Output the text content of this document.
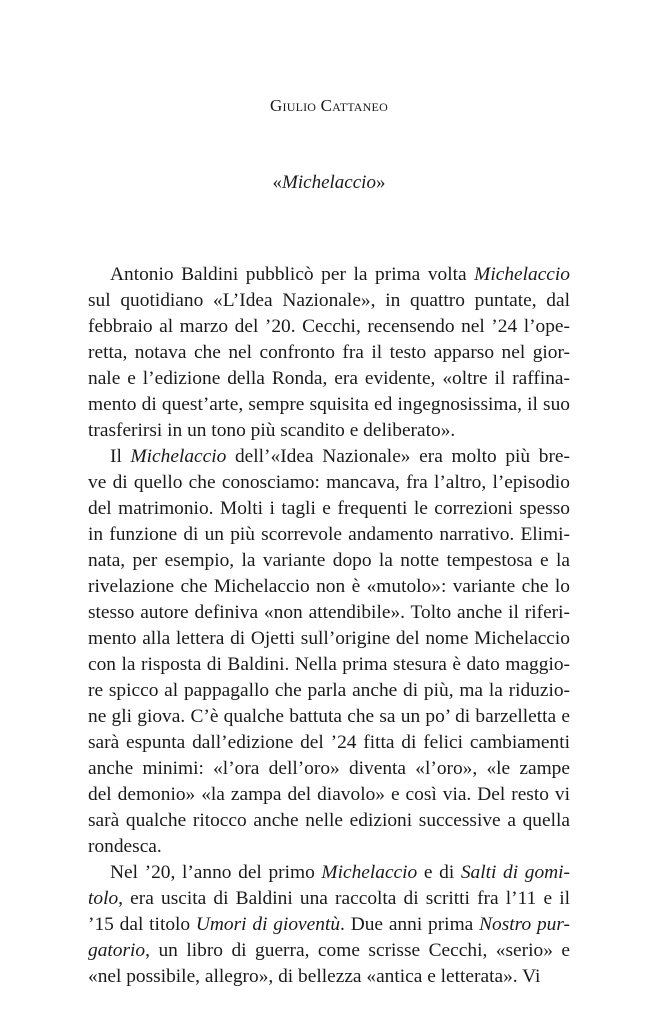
Giulio Cattaneo
«Michelaccio»

Antonio Baldini pubblicò per la prima volta Michelaccio
sul quotidiano «L’Idea Nazionale», in quattro puntate, dal
febbraio al marzo del ’20. Cecchi, recensendo nel ’24 l’ope-
retta, notava che nel confronto fra il testo apparso nel gior-
nale e l’edizione della Ronda, era evidente, «oltre il raffina-
mento di quest’arte, sempre squisita ed ingegnosissima, il suo
trasferirsi in un tono più scandito e deliberato».

Il Michelaccio dell’«Idea Nazionale» era molto più bre-
ve di quello che conosciamo: mancava, fra l’altro, l’episodio
del matrimonio. Molti i tagli e frequenti le correzioni spesso
in funzione di un più scorrevole andamento narrativo. Elimi-
nata, per esempio, la variante dopo la notte tempestosa e la
rivelazione che Michelaccio non è «mutolo»: variante che lo
stesso autore definiva «non attendibile». Tolto anche il riferi-
mento alla lettera di Ojetti sull’origine del nome Michelaccio
con la risposta di Baldini. Nella prima stesura è dato maggio-
re spicco al pappagallo che parla anche di più, ma la riduzio-
ne gli giova. C’è qualche battuta che sa un po’ di barzelletta e
sarà espunta dall’edizione del ’24 fitta di felici cambiamenti
anche minimi: «l’ora dell’oro» diventa «l’oro», «le zampe
del demonio» «la zampa del diavolo» e così via. Del resto vi
sarà qualche ritocco anche nelle edizioni successive a quella
rondesca.

Nel ’20, l’anno del primo Michelaccio e di Salti di gomi-
tolo, era uscita di Baldini una raccolta di scritti fra l’11 e il
’15 dal titolo Umori di gioventù. Due anni prima Nostro pur-
gatorio, un libro di guerra, come scrisse Cecchi, «serio» e
«nel possibile, allegro», di bellezza «antica e letterata». Vi
